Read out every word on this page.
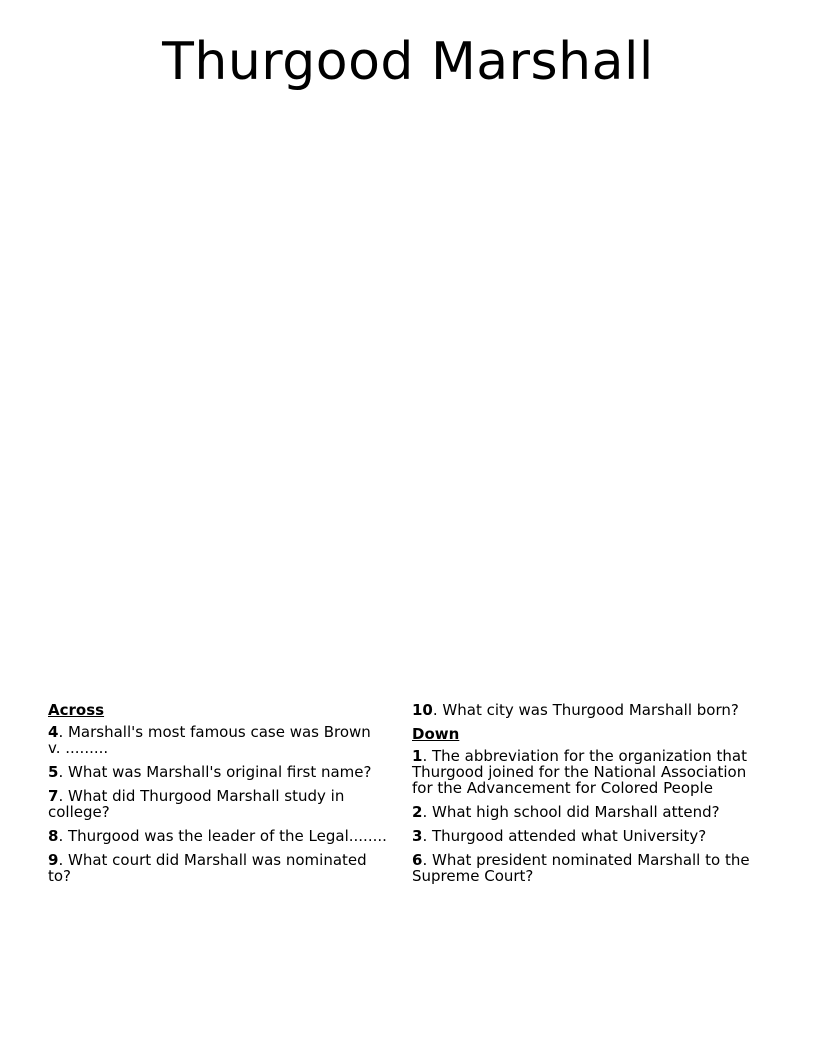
Thurgood Marshall
Across
4. Marshall's most famous case was Brown v. .........
5. What was Marshall's original first name?
7. What did Thurgood Marshall study in college?
8. Thurgood was the leader of the Legal........
9. What court did Marshall was nominated to?
10. What city was Thurgood Marshall born?
Down
1. The abbreviation for the organization that Thurgood joined for the National Association for the Advancement for Colored People
2. What high school did Marshall attend?
3. Thurgood attended what University?
6. What president nominated Marshall to the Supreme Court?
